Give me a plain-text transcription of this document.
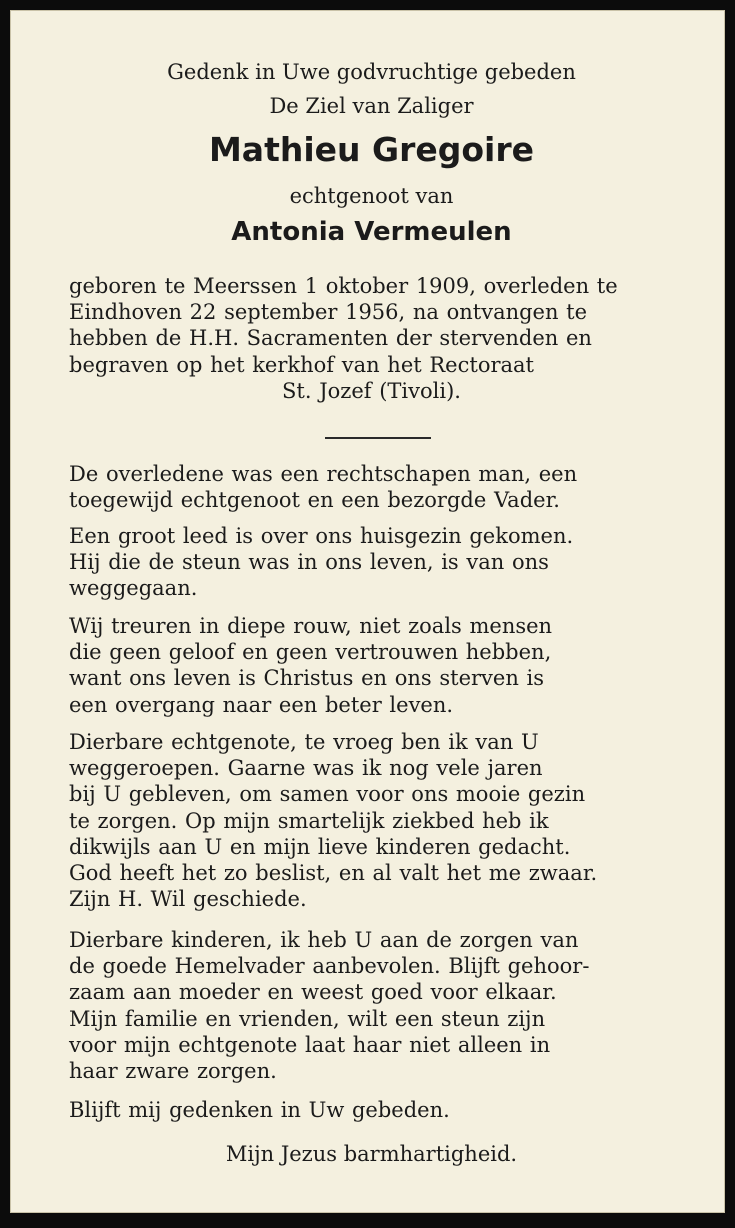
Gedenk in Uwe godvruchtige gebeden
De Ziel van Zaliger
Mathieu Gregoire
echtgenoot van
Antonia Vermeulen

geboren te Meerssen 1 oktober 1909, overleden te

Eindhoven 22 september 1956, na ontvangen te

hebben de H.H. Sacramenten der stervenden en

begraven op het kerkhof van het Rectoraat

St. Jozef (Tivoli).

De overledene was een rechtschapen man, een

toegewijd echtgenoot en een bezorgde Vader.

Een groot leed is over ons huisgezin gekomen.

Hij die de steun was in ons leven, is van ons

weggegaan.

Wij treuren in diepe rouw, niet zoals mensen

die geen geloof en geen vertrouwen hebben,

want ons leven is Christus en ons sterven is

een overgang naar een beter leven.

Dierbare echtgenote, te vroeg ben ik van U

weggeroepen. Gaarne was ik nog vele jaren

bij U gebleven, om samen voor ons mooie gezin

te zorgen. Op mijn smartelijk ziekbed heb ik

dikwijls aan U en mijn lieve kinderen gedacht.

God heeft het zo beslist, en al valt het me zwaar.

Zijn H. Wil geschiede.

Dierbare kinderen, ik heb U aan de zorgen van

de goede Hemelvader aanbevolen. Blijft gehoor-

zaam aan moeder en weest goed voor elkaar.

Mijn familie en vrienden, wilt een steun zijn

voor mijn echtgenote laat haar niet alleen in

haar zware zorgen.

Blijft mij gedenken in Uw gebeden.

Mijn Jezus barmhartigheid.
